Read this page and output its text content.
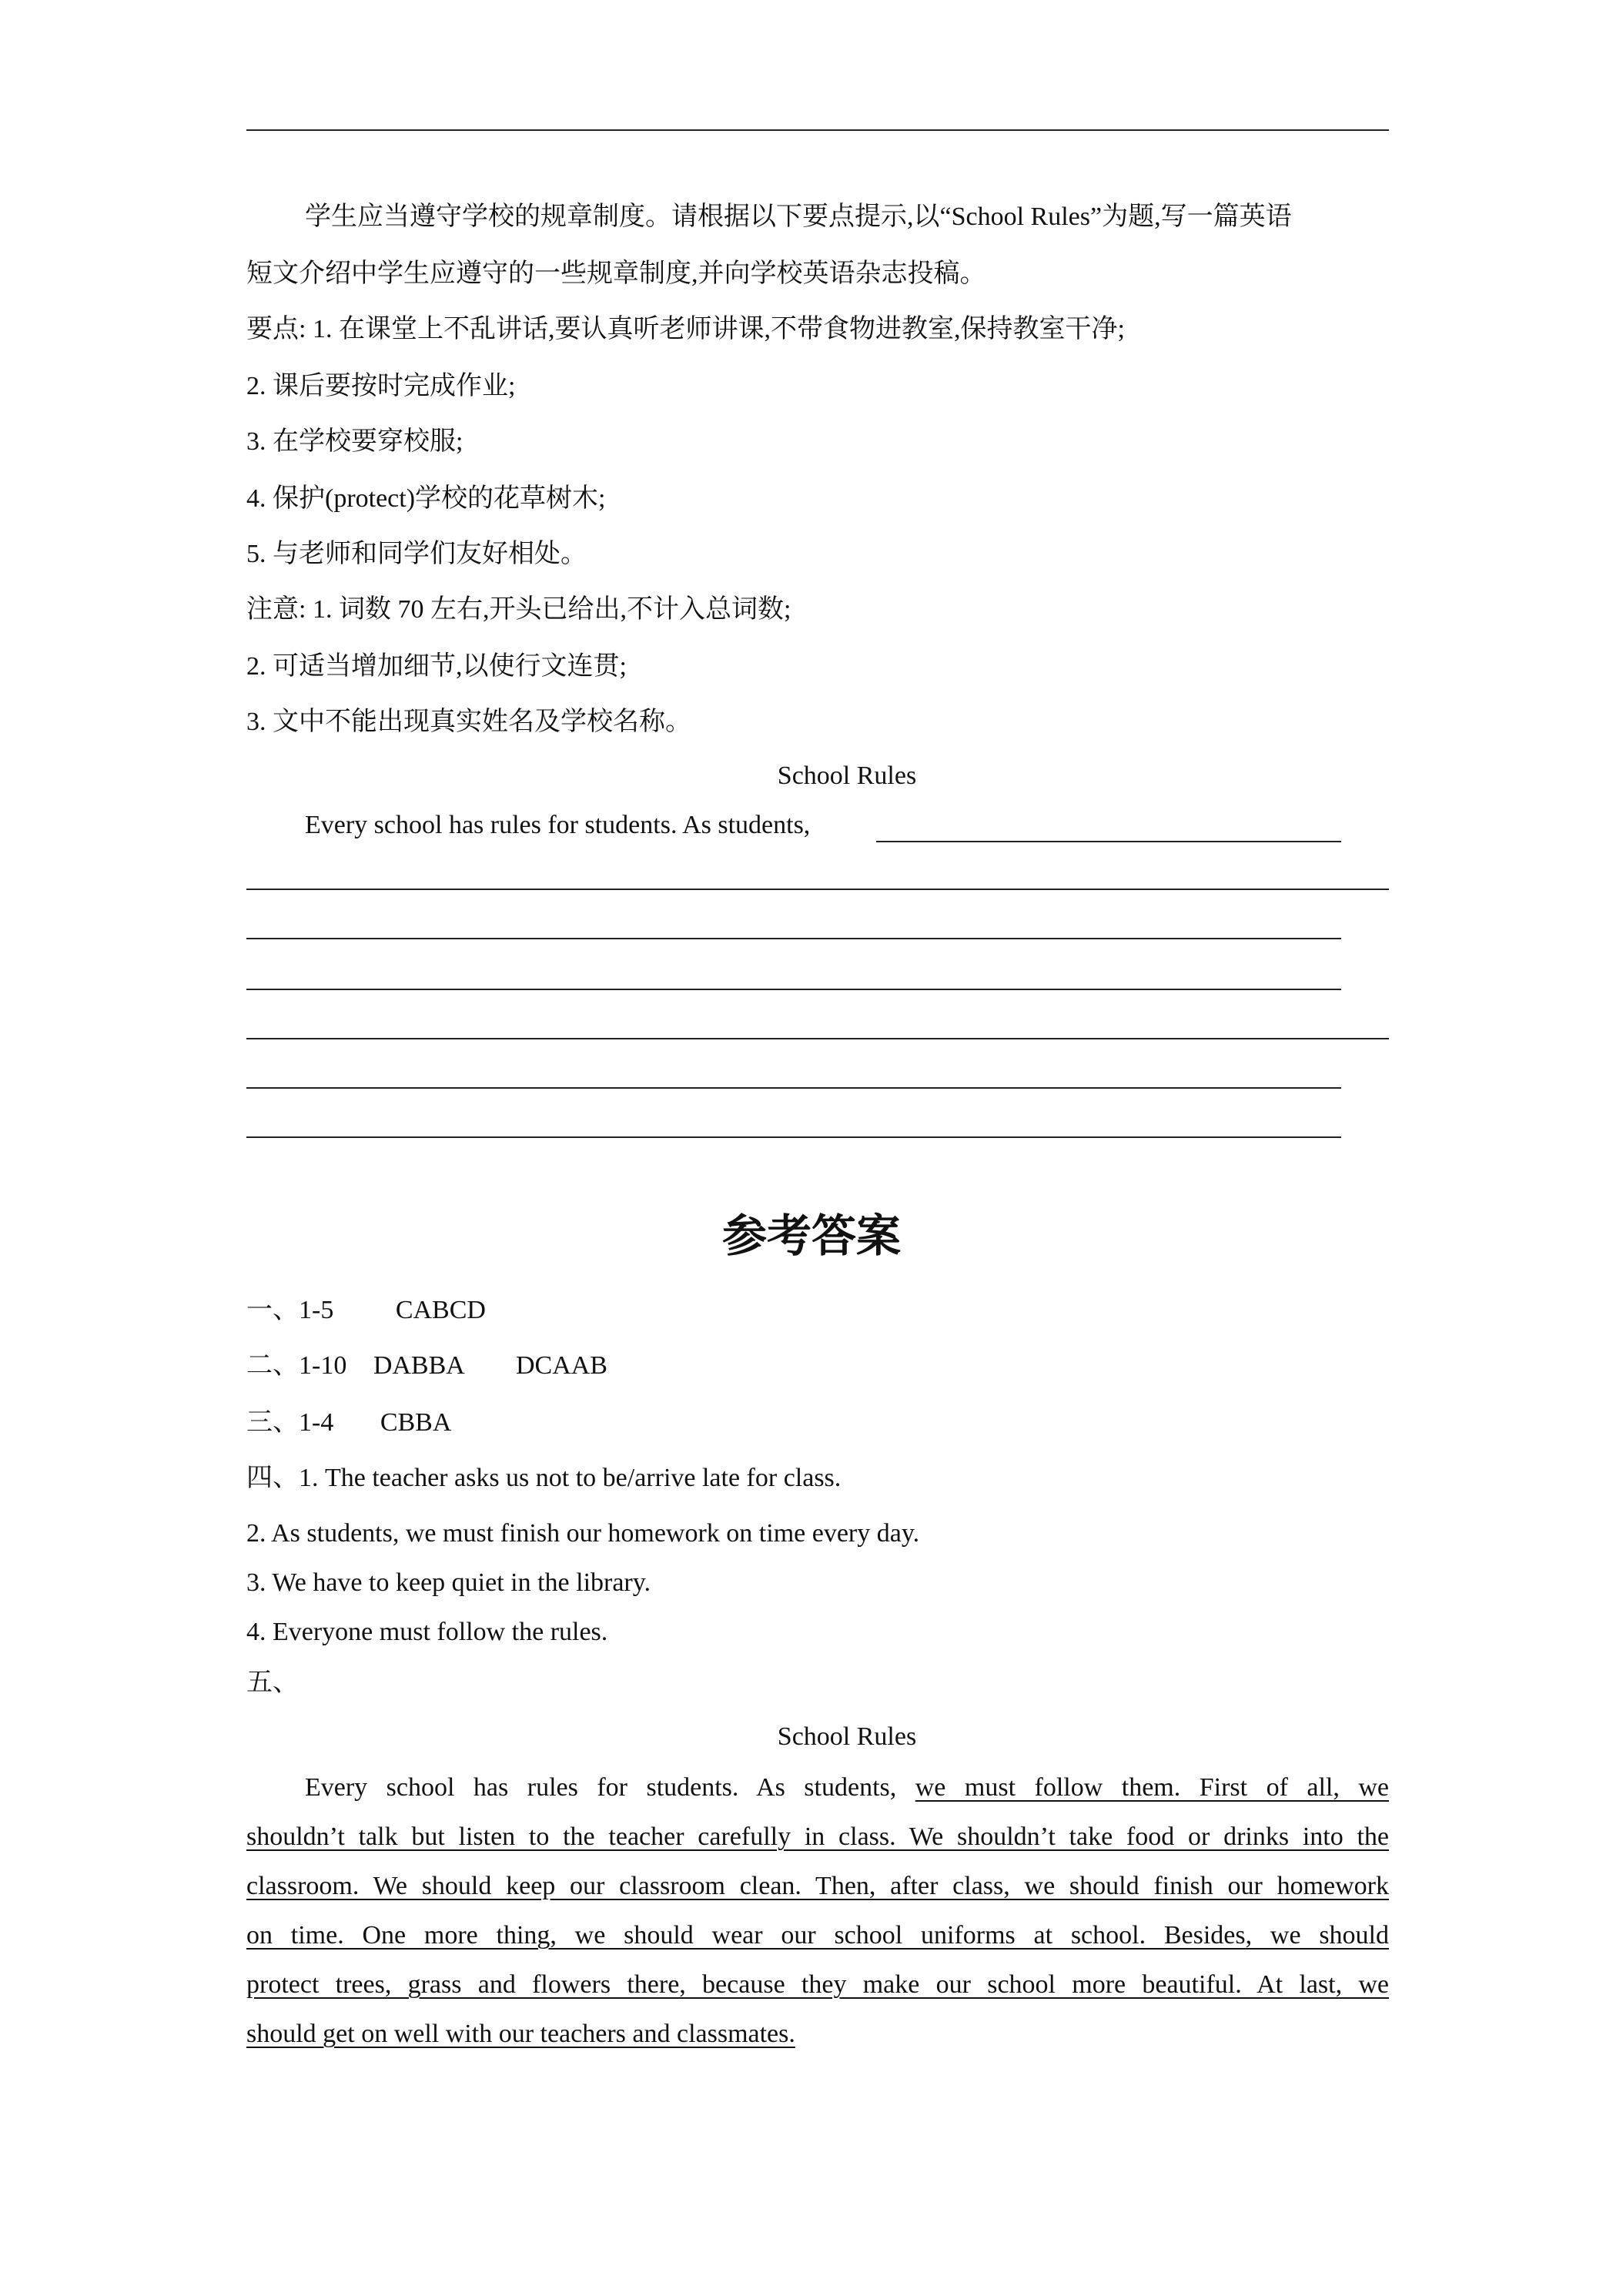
学生应当遵守学校的规章制度。请根据以下要点提示,以“School Rules”为题,写一篇英语
短文介绍中学生应遵守的一些规章制度,并向学校英语杂志投稿。
要点: 1. 在课堂上不乱讲话,要认真听老师讲课,不带食物进教室,保持教室干净;
2. 课后要按时完成作业;
3. 在学校要穿校服;
4. 保护(protect)学校的花草树木;
5. 与老师和同学们友好相处。
注意: 1. 词数 70 左右,开头已给出,不计入总词数;
2. 可适当增加细节,以使行文连贯;
3. 文中不能出现真实姓名及学校名称。
School Rules
Every school has rules for students. As students,
参考答案
一、1-5 CABCD
二、1-10 DABBA        DCAAB
三、1-4 CBBA
四、1. The teacher asks us not to be/arrive late for class.
2. As students, we must finish our homework on time every day.
3. We have to keep quiet in the library.
4. Everyone must follow the rules.
五、
School Rules
Every school has rules for students. As students, we must follow them. First of all, we
shouldn’t talk but listen to the teacher carefully in class. We shouldn’t take food or drinks into the
classroom. We should keep our classroom clean. Then, after class, we should finish our homework
on time. One more thing, we should wear our school uniforms at school. Besides, we should
protect trees, grass and flowers there, because they make our school more beautiful. At last, we
should get on well with our teachers and classmates.
